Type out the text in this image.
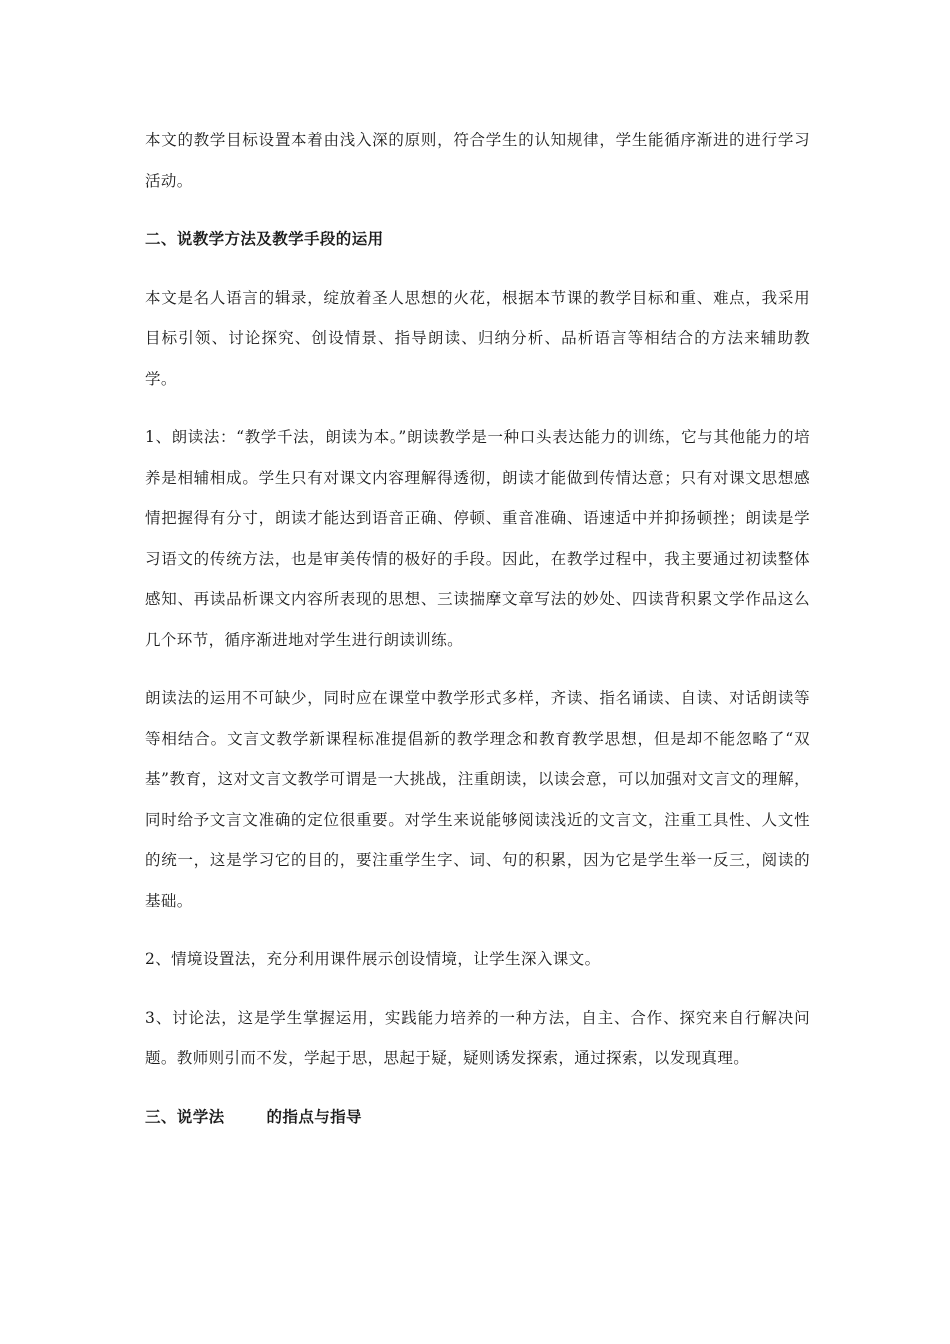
本文的教学目标设置本着由浅入深的原则，符合学生的认知规律，学生能循序渐进的进行学习活动。

二、说教学方法及教学手段的运用

本文是名人语言的辑录，绽放着圣人思想的火花，根据本节课的教学目标和重、难点，我采用目标引领、讨论探究、创设情景、指导朗读、归纳分析、品析语言等相结合的方法来辅助教学。

1、朗读法：“教学千法，朗读为本。”朗读教学是一种口头表达能力的训练，它与其他能力的培养是相辅相成。学生只有对课文内容理解得透彻，朗读才能做到传情达意；只有对课文思想感情把握得有分寸，朗读才能达到语音正确、停顿、重音准确、语速适中并抑扬顿挫；朗读是学习语文的传统方法，也是审美传情的极好的手段。因此，在教学过程中，我主要通过初读整体感知、再读品析课文内容所表现的思想、三读揣摩文章写法的妙处、四读背积累文学作品这么几个环节，循序渐进地对学生进行朗读训练。

朗读法的运用不可缺少，同时应在课堂中教学形式多样，齐读、指名诵读、自读、对话朗读等等相结合。文言文教学新课程标准提倡新的教学理念和教育教学思想，但是却不能忽略了“双基”教育，这对文言文教学可谓是一大挑战，注重朗读，以读会意，可以加强对文言文的理解，同时给予文言文准确的定位很重要。对学生来说能够阅读浅近的文言文，注重工具性、人文性的统一，这是学习它的目的，要注重学生字、词、句的积累，因为它是学生举一反三，阅读的基础。

2、情境设置法，充分利用课件展示创设情境，让学生深入课文。

3、讨论法，这是学生掌握运用，实践能力培养的一种方法，自主、合作、探究来自行解决问题。教师则引而不发，学起于思，思起于疑，疑则诱发探索，通过探索，以发现真理。

三、说学法	的指点与指导
